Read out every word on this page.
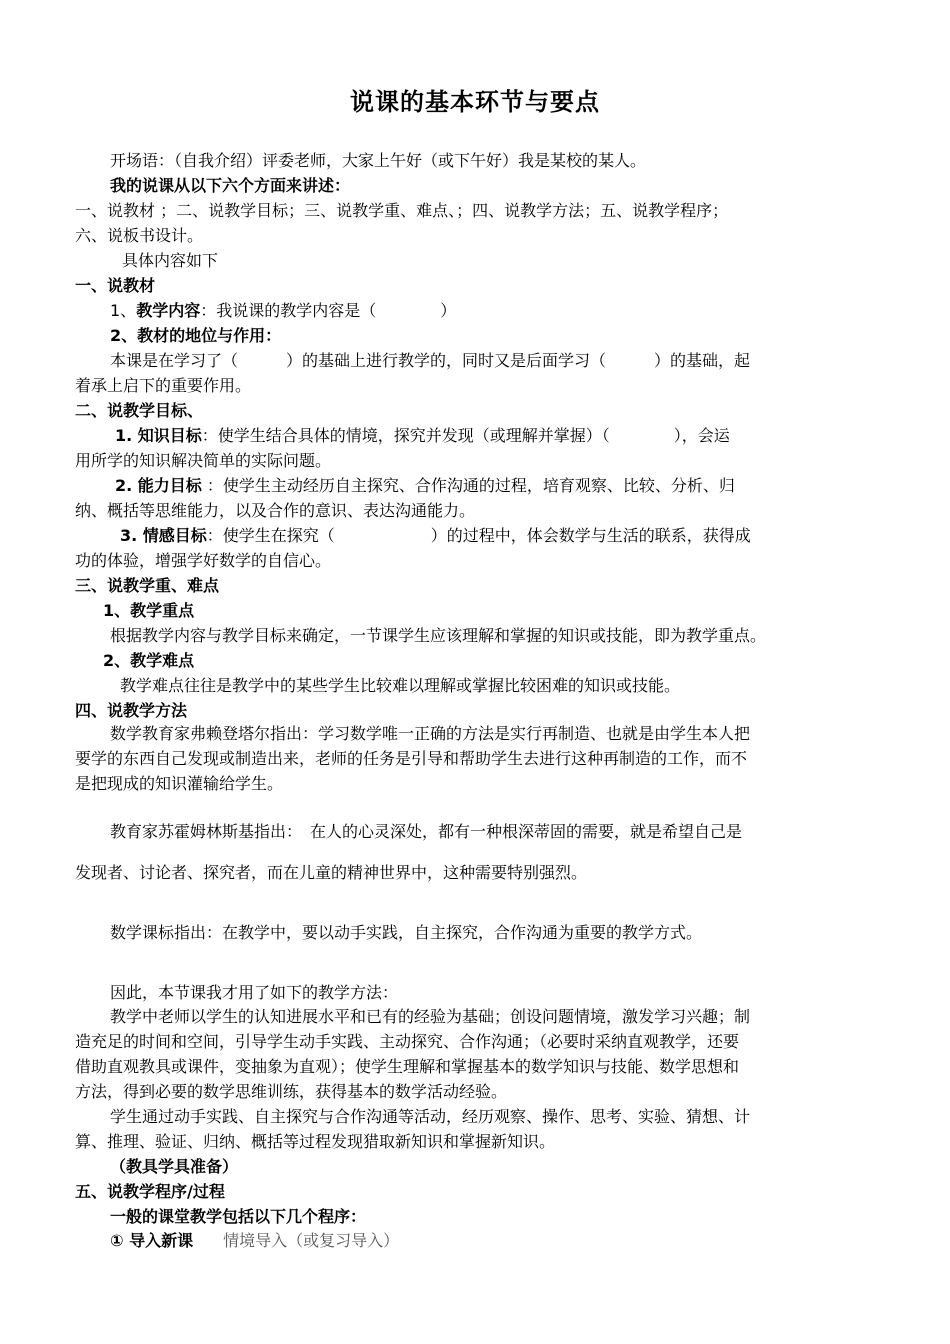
说课的基本环节与要点
开场语：（自我介绍）评委老师，大家上午好（或下午好）我是某校的某人。
我的说课从以下六个方面来讲述：
一、说教材 ；二、说教学目标；三、说教学重、难点、；四、说教学方法；五、说教学程序；
六、说板书设计。
具体内容如下
一、说教材
1、教学内容：我说课的教学内容是（　　　　）
2、教材的地位与作用：
本课是在学习了（　　　）的基础上进行教学的，同时又是后面学习（　　　）的基础，起
着承上启下的重要作用。
二、说教学目标、
1. 知识目标：使学生结合具体的情境，探究并发现（或理解并掌握）（　　　　），会运
用所学的知识解决简单的实际问题。
2. 能力目标 ：使学生主动经历自主探究、合作沟通的过程，培育观察、比较、分析、归
纳、概括等思维能力，以及合作的意识、表达沟通能力。
3. 情感目标：使学生在探究（　　　　　　）的过程中，体会数学与生活的联系，获得成
功的体验，增强学好数学的自信心。
三、说教学重、难点
1、教学重点
根据教学内容与教学目标来确定，一节课学生应该理解和掌握的知识或技能，即为教学重点。
2、教学难点
教学难点往往是教学中的某些学生比较难以理解或掌握比较困难的知识或技能。
四、说教学方法
数学教育家弗赖登塔尔指出：学习数学唯一正确的方法是实行再制造、也就是由学生本人把
要学的东西自己发现或制造出来，老师的任务是引导和帮助学生去进行这种再制造的工作，而不
是把现成的知识灌输给学生。
教育家苏霍姆林斯基指出：　在人的心灵深处，都有一种根深蒂固的需要，就是希望自己是
发现者、讨论者、探究者，而在儿童的精神世界中，这种需要特别强烈。
数学课标指出：在教学中，要以动手实践，自主探究，合作沟通为重要的教学方式。
因此，本节课我才用了如下的教学方法：
教学中老师以学生的认知进展水平和已有的经验为基础；创设问题情境，激发学习兴趣；制
造充足的时间和空间，引导学生动手实践、主动探究、合作沟通；（必要时采纳直观教学，还要
借助直观教具或课件，变抽象为直观）；使学生理解和掌握基本的数学知识与技能、数学思想和
方法，得到必要的数学思维训练，获得基本的数学活动经验。
学生通过动手实践、自主探究与合作沟通等活动，经历观察、操作、思考、实验、猜想、计
算、推理、验证、归纳、概括等过程发现猎取新知识和掌握新知识。
（教具学具准备）
五、说教学程序/过程
一般的课堂教学包括以下几个程序：
① 导入新课 情境导入（或复习导入）
